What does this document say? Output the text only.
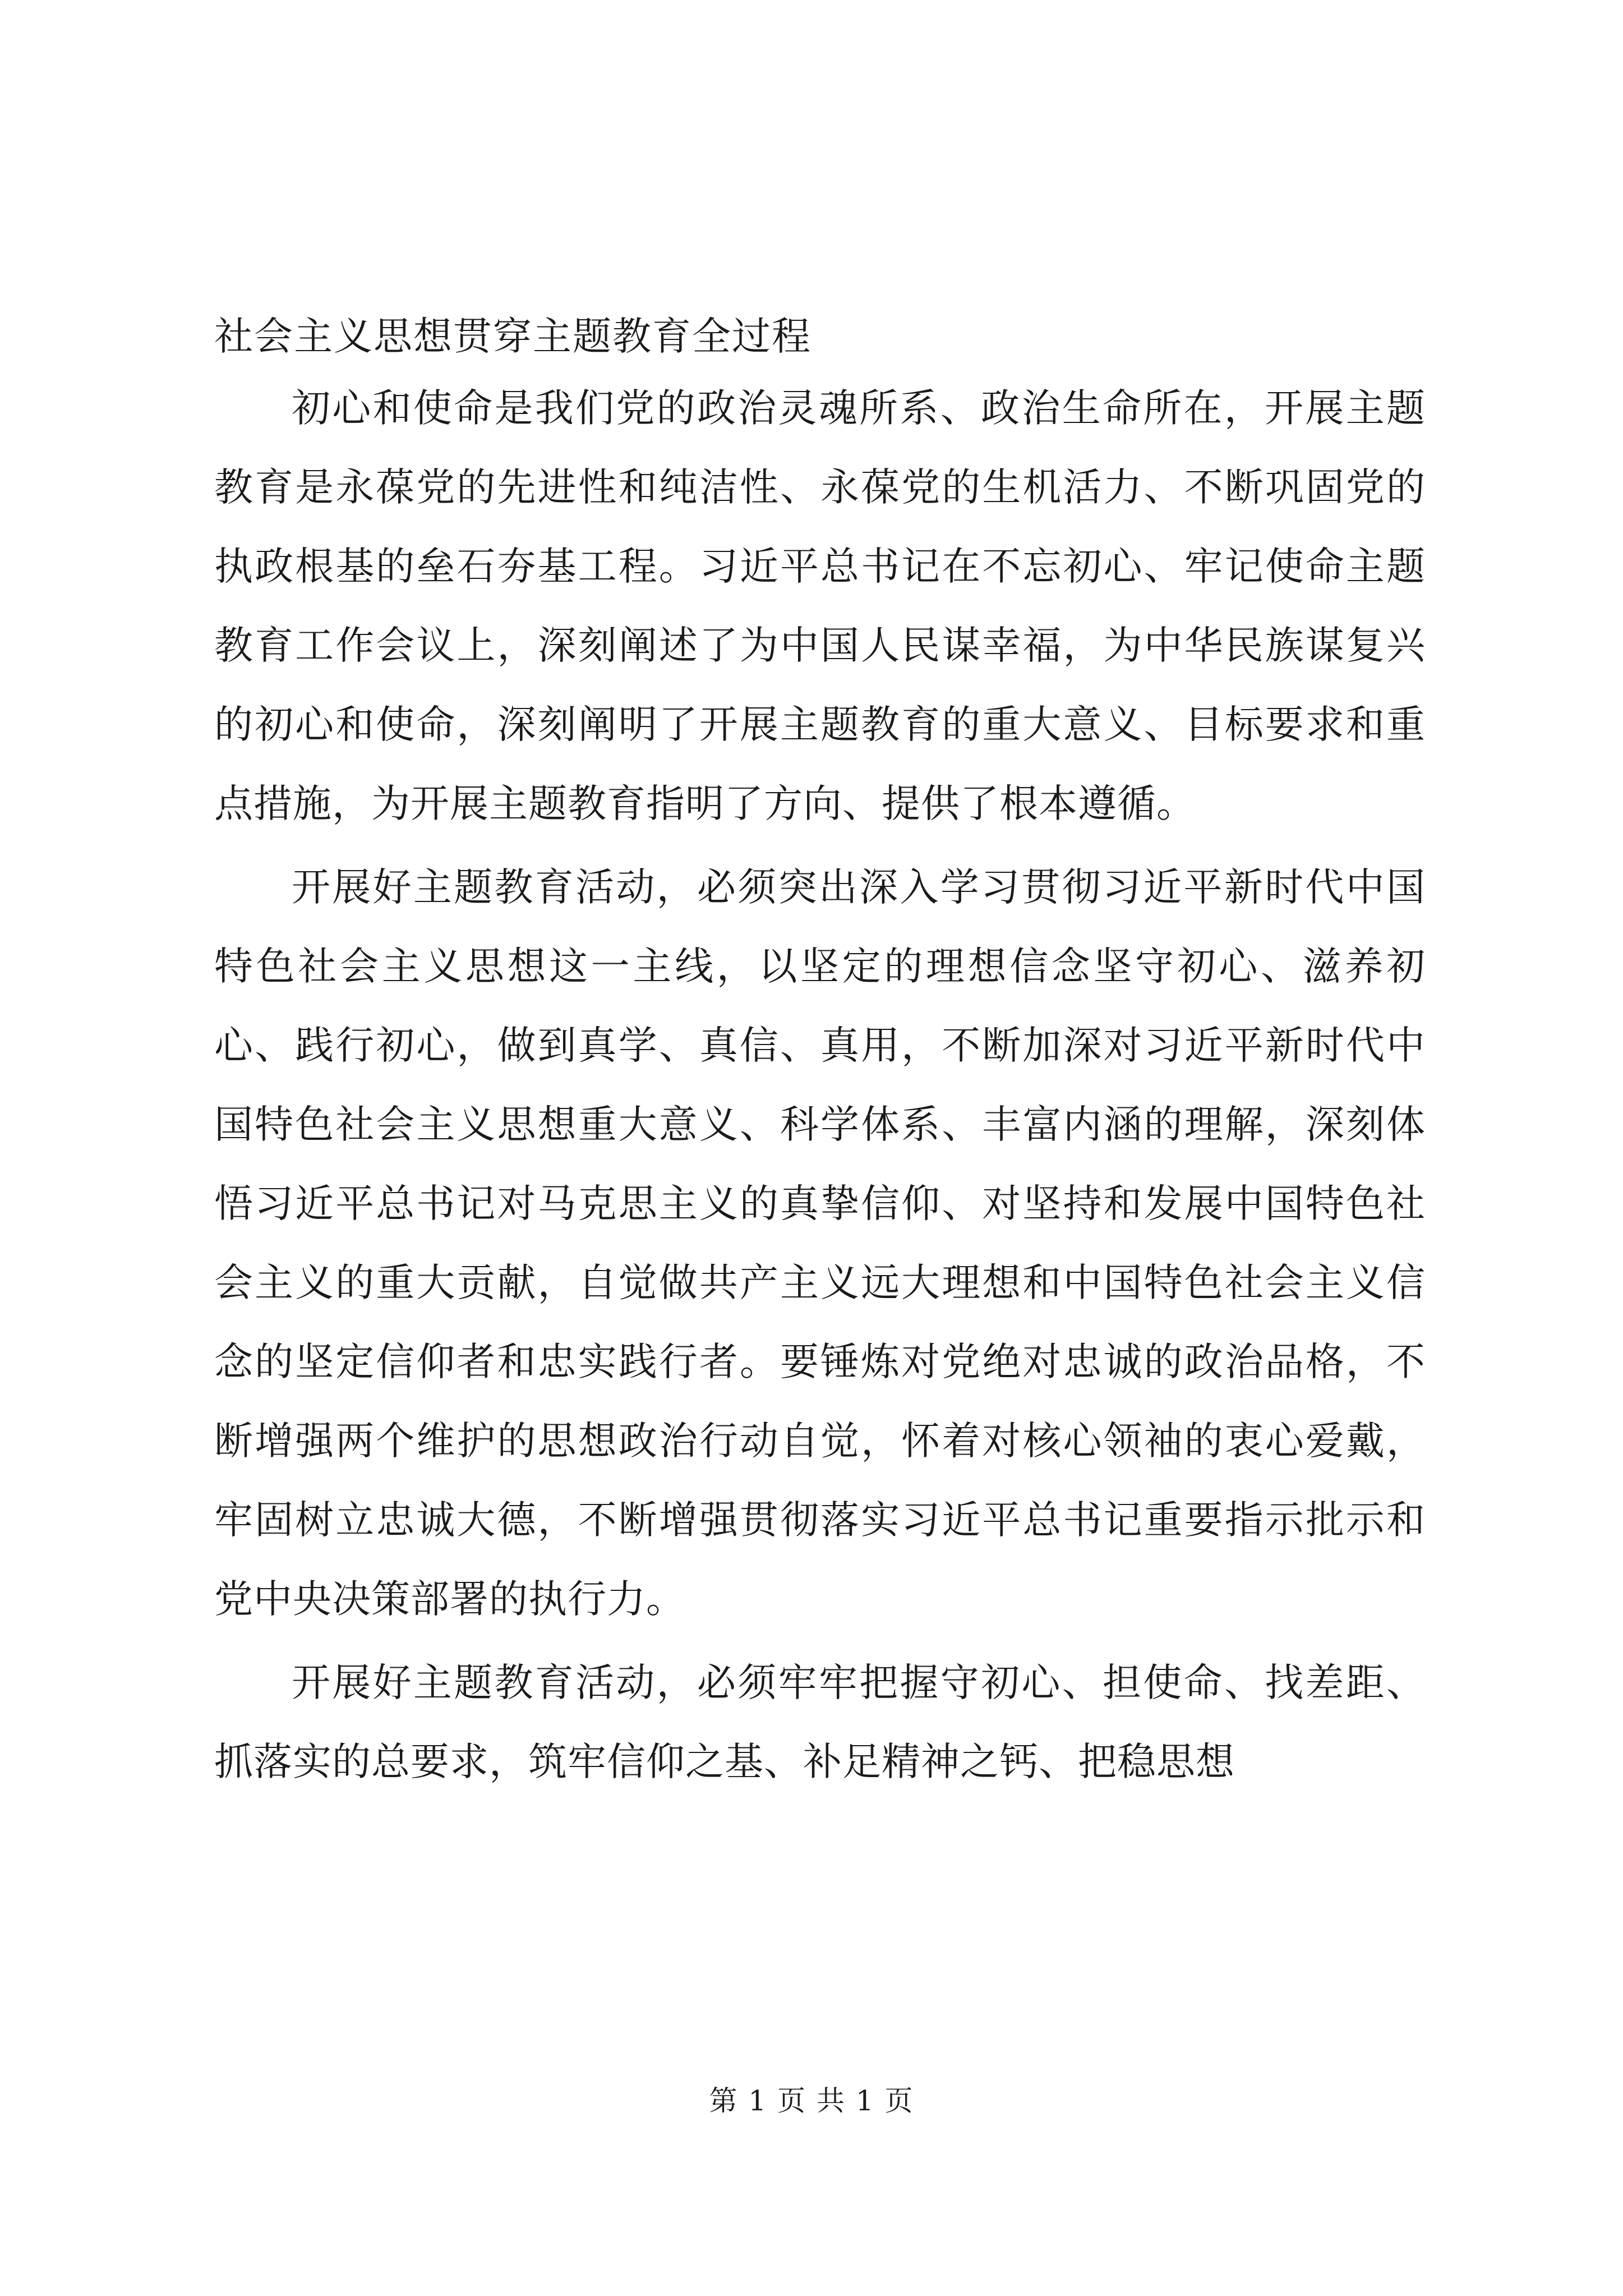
社会主义思想贯穿主题教育全过程

初心和使命是我们党的政治灵魂所系、政治生命所在，开展主题教育是永葆党的先进性和纯洁性、永葆党的生机活力、不断巩固党的执政根基的垒石夯基工程。习近平总书记在不忘初心、牢记使命主题教育工作会议上，深刻阐述了为中国人民谋幸福，为中华民族谋复兴的初心和使命，深刻阐明了开展主题教育的重大意义、目标要求和重点措施，为开展主题教育指明了方向、提供了根本遵循。

开展好主题教育活动，必须突出深入学习贯彻习近平新时代中国特色社会主义思想这一主线，以坚定的理想信念坚守初心、滋养初心、践行初心，做到真学、真信、真用，不断加深对习近平新时代中国特色社会主义思想重大意义、科学体系、丰富内涵的理解，深刻体悟习近平总书记对马克思主义的真挚信仰、对坚持和发展中国特色社会主义的重大贡献，自觉做共产主义远大理想和中国特色社会主义信念的坚定信仰者和忠实践行者。要锤炼对党绝对忠诚的政治品格，不断增强两个维护的思想政治行动自觉，怀着对核心领袖的衷心爱戴，牢固树立忠诚大德，不断增强贯彻落实习近平总书记重要指示批示和党中央决策部署的执行力。

开展好主题教育活动，必须牢牢把握守初心、担使命、找差距、抓落实的总要求，筑牢信仰之基、补足精神之钙、把稳思想

第 1 页 共 1 页
